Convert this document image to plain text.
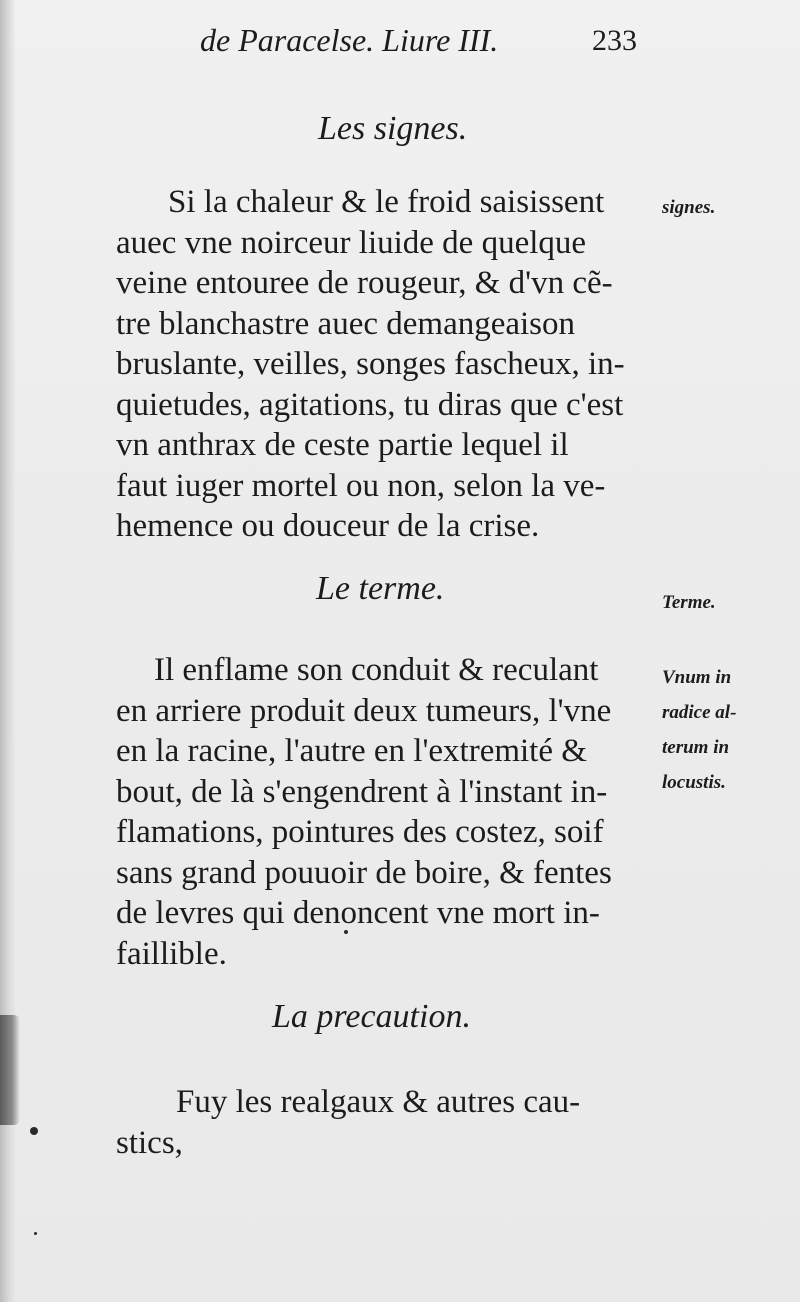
de Paracelse. Liure III.	233
Les signes.
signes.
Si la chaleur & le froid saisissent
auec vne noirceur liuide de quelque
veine entouree de rougeur, & d'vn cẽ-
tre blanchastre auec demangeaison
bruslante, veilles, songes fascheux, in-
quietudes, agitations, tu diras que c'est
vn anthrax de ceste partie lequel il
faut iuger mortel ou non, selon la ve-
hemence ou douceur de la crise.
Le terme.	Terme.
Il enflame son conduit & reculant
en arriere produit deux tumeurs, l'vne
en la racine, l'autre en l'extremité &
bout, de là s'engendrent à l'instant in-
flamations, pointures des costez, soif
sans grand pouuoir de boire, & fentes
de levres qui denoncent vne mort in-
faillible.
Vnum in
radice al-
terum in
locustis.
La precaution.
Fuy les realgaux & autres cau-
stics,
